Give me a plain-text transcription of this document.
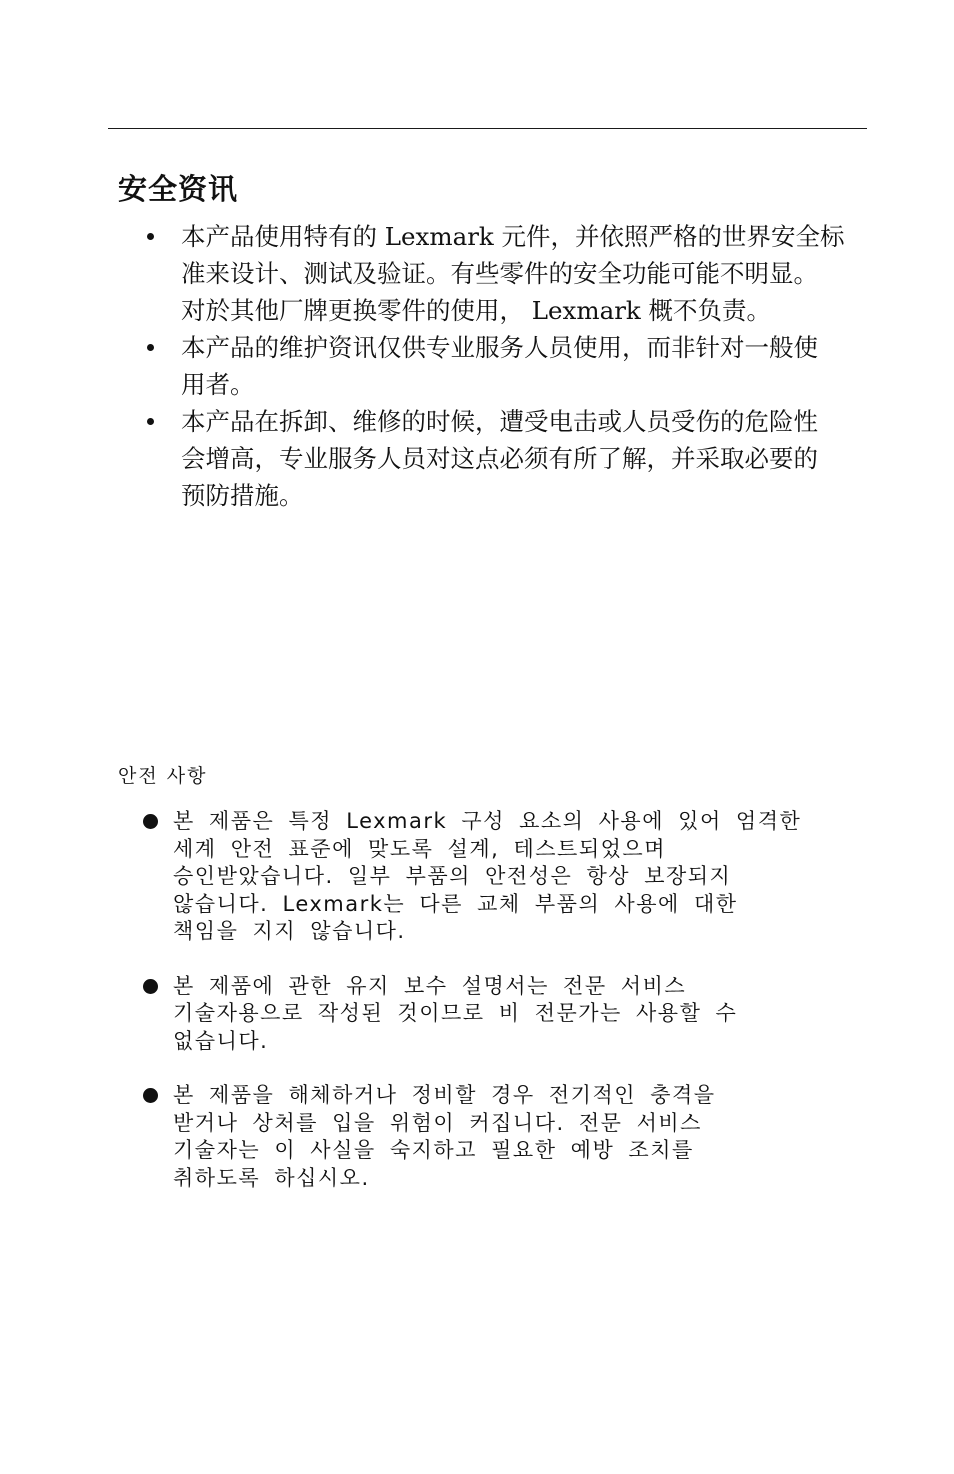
安全资讯
本产品使用特有的 Lexmark 元件，并依照严格的世界安全标
准来设计、测试及验证。有些零件的安全功能可能不明显。
对於其他厂牌更换零件的使用， Lexmark 概不负责。
本产品的维护资讯仅供专业服务人员使用，而非针对一般使
用者。
本产品在拆卸、维修的时候，遭受电击或人员受伤的危险性
会增高，专业服务人员对这点必须有所了解，并采取必要的
预防措施。
안전 사항
본 제품은 특정 Lexmark 구성 요소의 사용에 있어 엄격한
세계 안전 표준에 맞도록 설계, 테스트되었으며
승인받았습니다. 일부 부품의 안전성은 항상 보장되지
않습니다. Lexmark는 다른 교체 부품의 사용에 대한
책임을 지지 않습니다.
본 제품에 관한 유지 보수 설명서는 전문 서비스
기술자용으로 작성된 것이므로 비 전문가는 사용할 수
없습니다.
본 제품을 해체하거나 정비할 경우 전기적인 충격을
받거나 상처를 입을 위험이 커집니다. 전문 서비스
기술자는 이 사실을 숙지하고 필요한 예방 조치를
취하도록 하십시오.
